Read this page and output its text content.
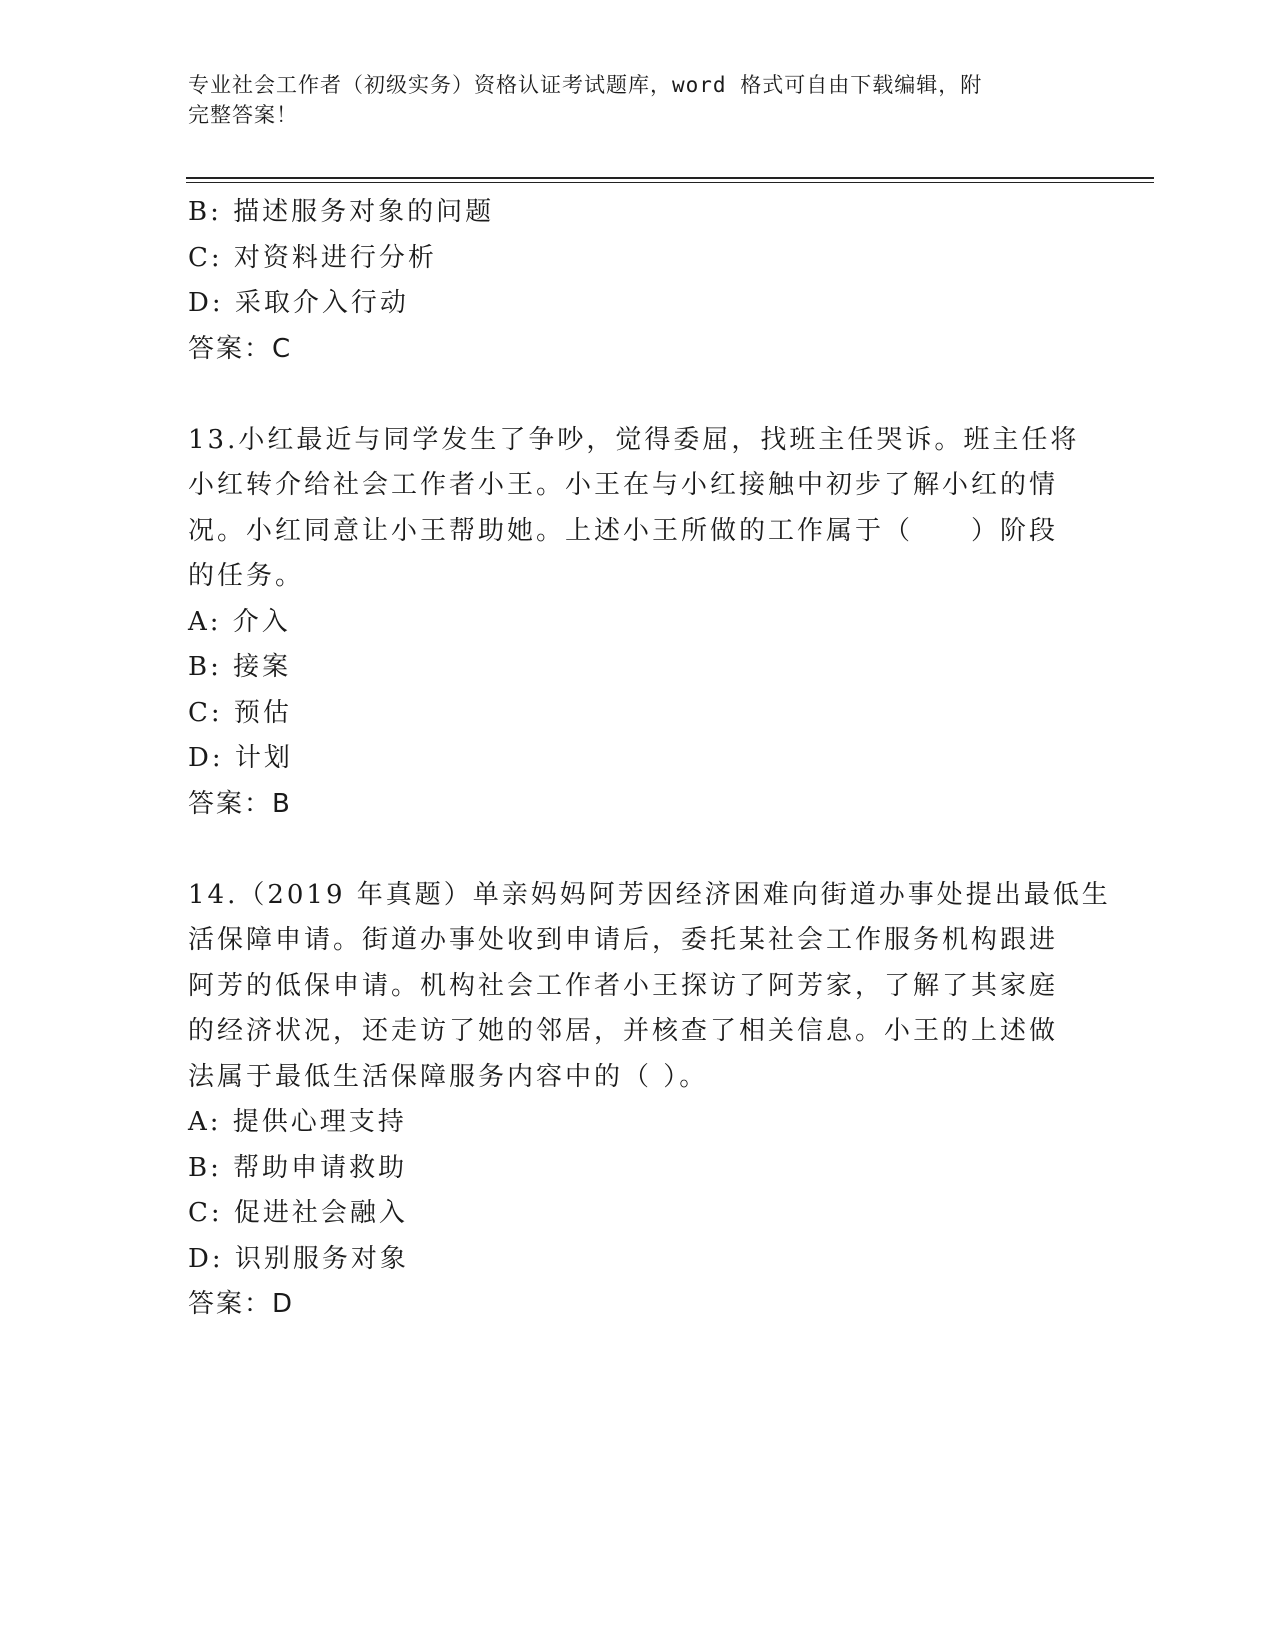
专业社会工作者（初级实务）资格认证考试题库，word 格式可自由下载编辑，附
完整答案！

B: 描述服务对象的问题

C: 对资料进行分析

D: 采取介入行动

答案：C

13.小红最近与同学发生了争吵，觉得委屈，找班主任哭诉。班主任将

小红转介给社会工作者小王。小王在与小红接触中初步了解小红的情

况。小红同意让小王帮助她。上述小王所做的工作属于（　　）阶段

的任务。

A: 介入

B: 接案

C: 预估

D: 计划

答案：B

14.（2019 年真题）单亲妈妈阿芳因经济困难向街道办事处提出最低生

活保障申请。街道办事处收到申请后，委托某社会工作服务机构跟进

阿芳的低保申请。机构社会工作者小王探访了阿芳家，了解了其家庭

的经济状况，还走访了她的邻居，并核查了相关信息。小王的上述做

法属于最低生活保障服务内容中的（ ）。

A: 提供心理支持

B: 帮助申请救助

C: 促进社会融入

D: 识别服务对象

答案：D
